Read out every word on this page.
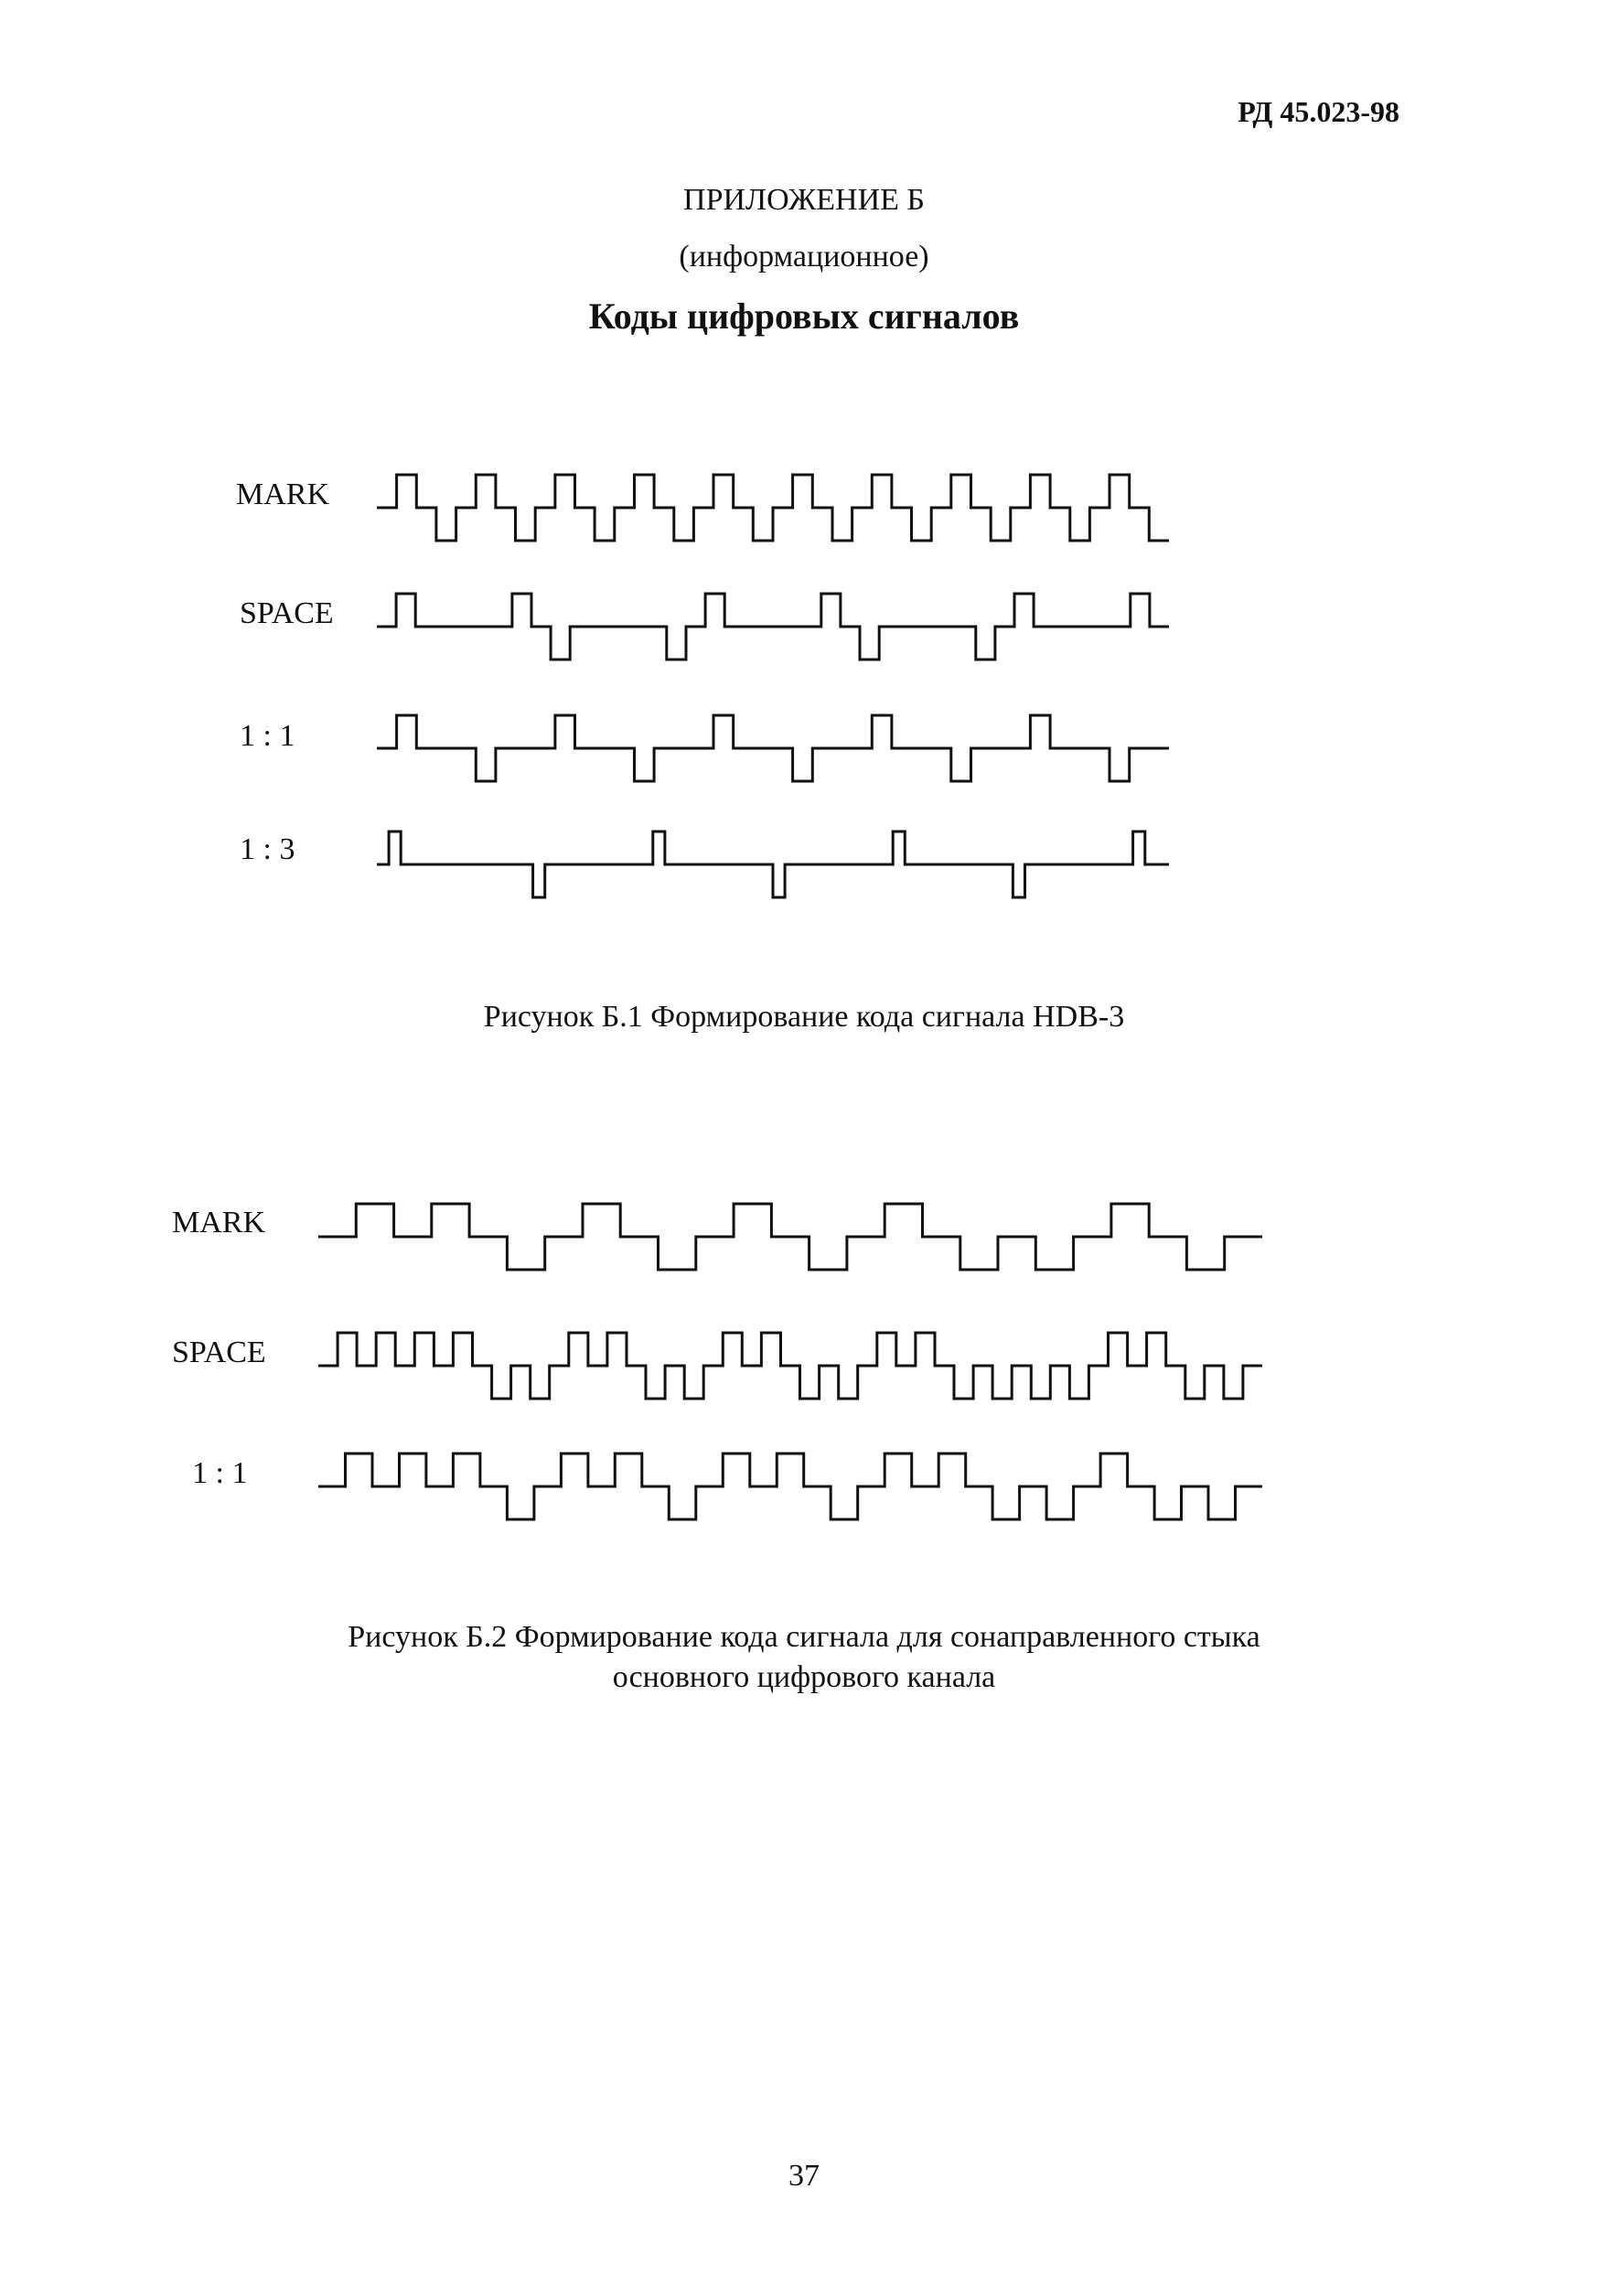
РД 45.023-98
ПРИЛОЖЕНИЕ Б
(информационное)
Коды цифровых сигналов
MARK
SPACE
1 : 1
1 : 3
MARK
SPACE
1 : 1
Рисунок Б.1 Формирование кода сигнала HDB-3
Рисунок Б.2 Формирование кода сигнала для сонаправленного стыка
основного цифрового канала
37
